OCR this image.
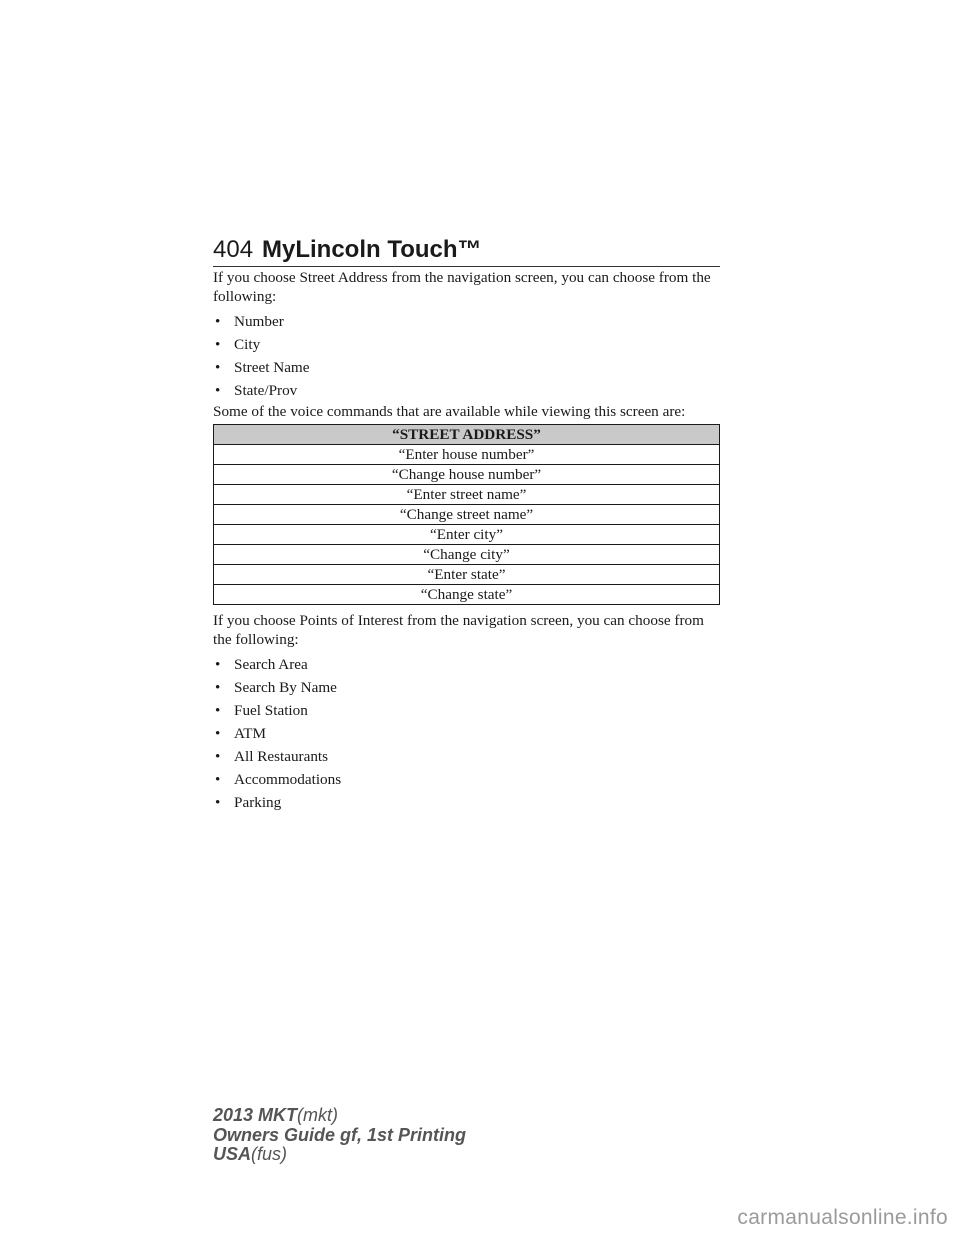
404 MyLincoln Touch™

If you choose Street Address from the navigation screen, you can choose from the following:

• Number
• City
• Street Name
• State/Prov

Some of the voice commands that are available while viewing this screen are:

“STREET ADDRESS”
“Enter house number”
“Change house number”
“Enter street name”
“Change street name”
“Enter city”
“Change city”
“Enter state”
“Change state”

If you choose Points of Interest from the navigation screen, you can choose from the following:

• Search Area
• Search By Name
• Fuel Station
• ATM
• All Restaurants
• Accommodations
• Parking
2013 MKT(mkt)
Owners Guide gf, 1st Printing
USA(fus)
carmanualsonline.info
